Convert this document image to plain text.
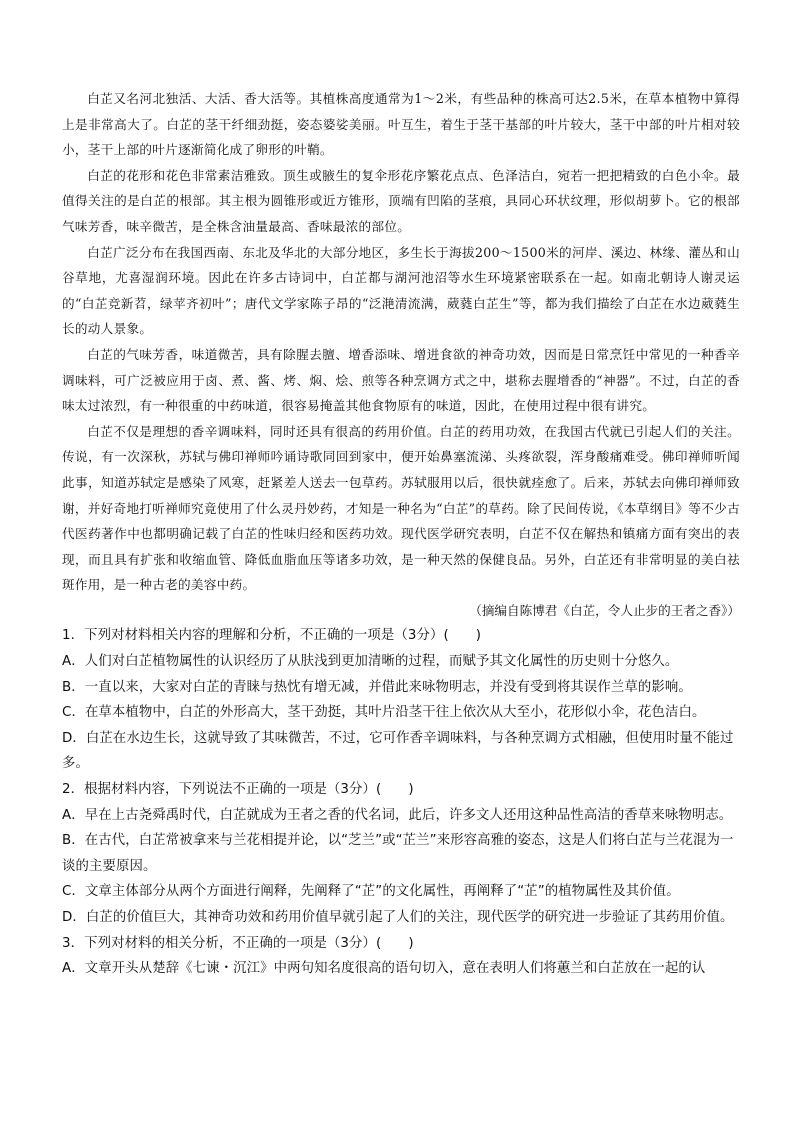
白芷又名河北独活、大活、香大活等。其植株高度通常为1～2米，有些品种的株高可达2.5米，在草本植物中算得上是非常高大了。白芷的茎干纤细劲挺，姿态婆娑美丽。叶互生，着生于茎干基部的叶片较大，茎干中部的叶片相对较小，茎干上部的叶片逐渐简化成了卵形的叶鞘。

白芷的花形和花色非常素洁雅致。顶生或腋生的复伞形花序繁花点点、色泽洁白，宛若一把把精致的白色小伞。最值得关注的是白芷的根部。其主根为圆锥形或近方锥形，顶端有凹陷的茎痕，具同心环状纹理，形似胡萝卜。它的根部气味芳香，味辛微苦，是全株含油量最高、香味最浓的部位。

白芷广泛分布在我国西南、东北及华北的大部分地区，多生长于海拔200～1500米的河岸、溪边、林缘、灌丛和山谷草地，尤喜湿润环境。因此在许多古诗词中，白芷都与湖河池沼等水生环境紧密联系在一起。如南北朝诗人谢灵运的“白芷竞新苕，绿苹齐初叶”；唐代文学家陈子昂的“泛滟清流满，葳蕤白芷生”等，都为我们描绘了白芷在水边葳蕤生长的动人景象。

白芷的气味芳香，味道微苦，具有除腥去膻、增香添味、增进食欲的神奇功效，因而是日常烹饪中常见的一种香辛调味料，可广泛被应用于卤、煮、酱、烤、焖、烩、煎等各种烹调方式之中，堪称去腥增香的“神器”。不过，白芷的香味太过浓烈，有一种很重的中药味道，很容易掩盖其他食物原有的味道，因此，在使用过程中很有讲究。

白芷不仅是理想的香辛调味料，同时还具有很高的药用价值。白芷的药用功效，在我国古代就已引起人们的关注。传说，有一次深秋，苏轼与佛印禅师吟诵诗歌同回到家中，便开始鼻塞流涕、头疼欲裂，浑身酸痛难受。佛印禅师听闻此事，知道苏轼定是感染了风寒，赶紧差人送去一包草药。苏轼服用以后，很快就痊愈了。后来，苏轼去向佛印禅师致谢，并好奇地打听禅师究竟使用了什么灵丹妙药，才知是一种名为“白芷”的草药。除了民间传说，《本草纲目》等不少古代医药著作中也都明确记载了白芷的性味归经和医药功效。现代医学研究表明，白芷不仅在解热和镇痛方面有突出的表现，而且具有扩张和收缩血管、降低血脂血压等诸多功效，是一种天然的保健良品。另外，白芷还有非常明显的美白祛斑作用，是一种古老的美容中药。

（摘编自陈博君《白芷，令人止步的王者之香》）

1．下列对材料相关内容的理解和分析，不正确的一项是（3分）(　　)

A．人们对白芷植物属性的认识经历了从肤浅到更加清晰的过程，而赋予其文化属性的历史则十分悠久。

B．一直以来，大家对白芷的青睐与热忱有增无减，并借此来咏物明志，并没有受到将其误作兰草的影响。

C．在草本植物中，白芷的外形高大，茎干劲挺，其叶片沿茎干往上依次从大至小，花形似小伞，花色洁白。

D．白芷在水边生长，这就导致了其味微苦，不过，它可作香辛调味料，与各种烹调方式相融，但使用时量不能过多。

2．根据材料内容，下列说法不正确的一项是（3分）(　　)

A．早在上古尧舜禹时代，白芷就成为王者之香的代名词，此后，许多文人还用这种品性高洁的香草来咏物明志。

B．在古代，白芷常被拿来与兰花相提并论，以“芝兰”或“芷兰”来形容高雅的姿态，这是人们将白芷与兰花混为一谈的主要原因。

C．文章主体部分从两个方面进行阐释，先阐释了“芷”的文化属性，再阐释了“芷”的植物属性及其价值。

D．白芷的价值巨大，其神奇功效和药用价值早就引起了人们的关注，现代医学的研究进一步验证了其药用价值。

3．下列对材料的相关分析，不正确的一项是（3分）(　　)

A．文章开头从楚辞《七谏・沉江》中两句知名度很高的语句切入，意在表明人们将蕙兰和白芷放在一起的认
